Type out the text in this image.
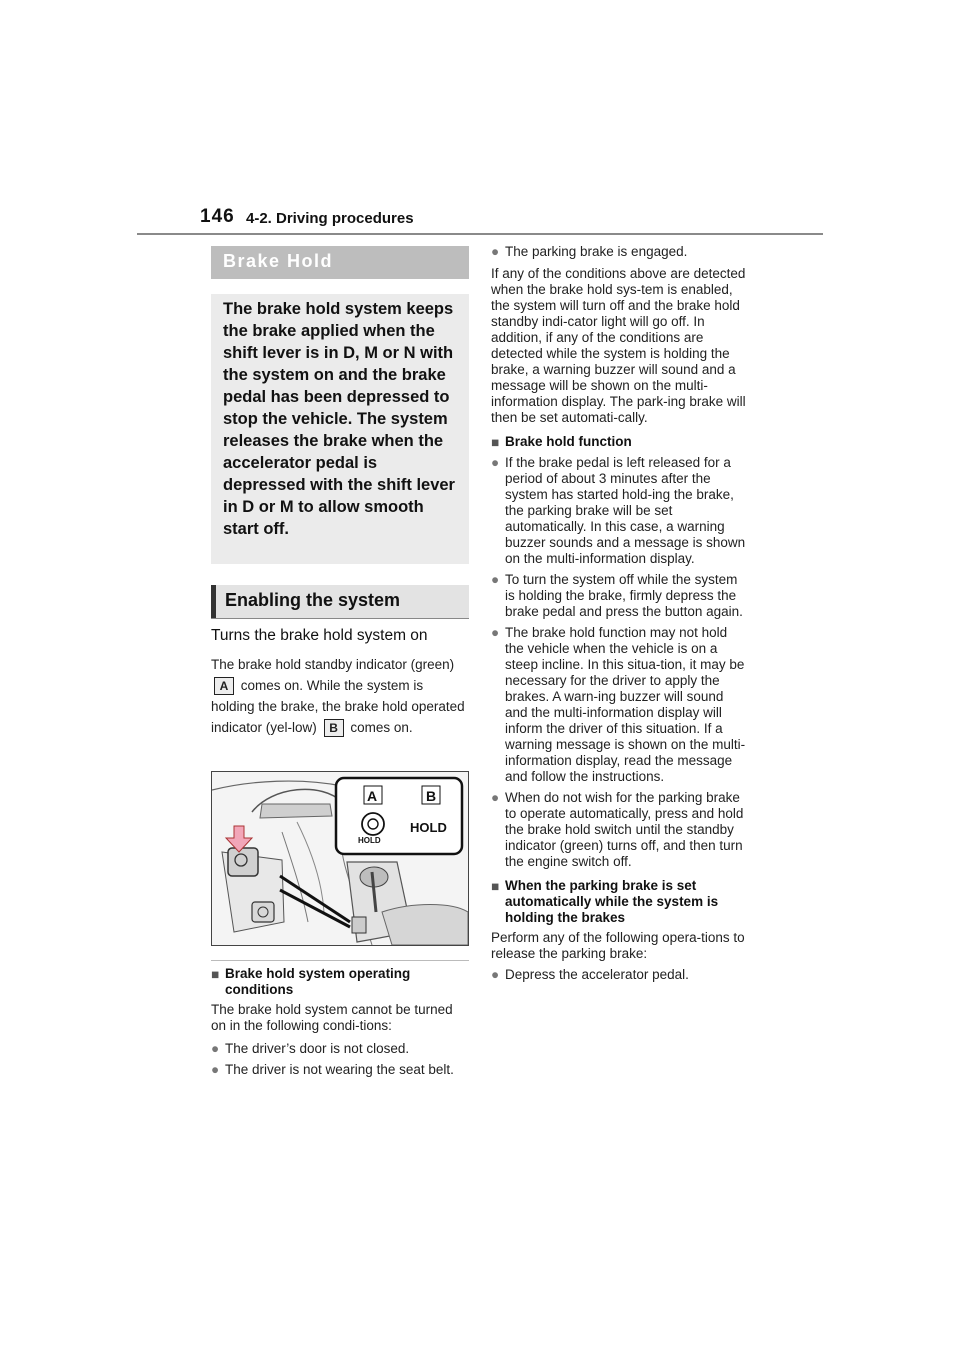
146 4-2. Driving procedures
Brake Hold
The brake hold system keeps the brake applied when the shift lever is in D, M or N with the system on and the brake pedal has been depressed to stop the vehicle. The system releases the brake when the accelerator pedal is depressed with the shift lever in D or M to allow smooth start off.
Enabling the system
Turns the brake hold system on
The brake hold standby indicator (green) A comes on. While the system is holding the brake, the brake hold operated indicator (yel-low) B comes on.
A	B
HOLD
HOLD
■ Brake hold system operating conditions
The brake hold system cannot be turned on in the following condi-tions:
● The driver’s door is not closed.
● The driver is not wearing the seat belt.
● The parking brake is engaged.
If any of the conditions above are detected when the brake hold sys-tem is enabled, the system will turn off and the brake hold standby indi-cator light will go off. In addition, if any of the conditions are detected while the system is holding the brake, a warning buzzer will sound and a message will be shown on the multi-information display. The park-ing brake will then be set automati-cally.
■ Brake hold function
● If the brake pedal is left released for a period of about 3 minutes after the system has started hold-ing the brake, the parking brake will be set automatically. In this case, a warning buzzer sounds and a message is shown on the multi-information display.
● To turn the system off while the system is holding the brake, firmly depress the brake pedal and press the button again.
● The brake hold function may not hold the vehicle when the vehicle is on a steep incline. In this situa-tion, it may be necessary for the driver to apply the brakes. A warn-ing buzzer will sound and the multi-information display will inform the driver of this situation. If a warning message is shown on the multi-information display, read the message and follow the instructions.
● When do not wish for the parking brake to operate automatically, press and hold the brake hold switch until the standby indicator (green) turns off, and then turn the engine switch off.
■ When the parking brake is set automatically while the system is holding the brakes
Perform any of the following opera-tions to release the parking brake:
● Depress the accelerator pedal.
